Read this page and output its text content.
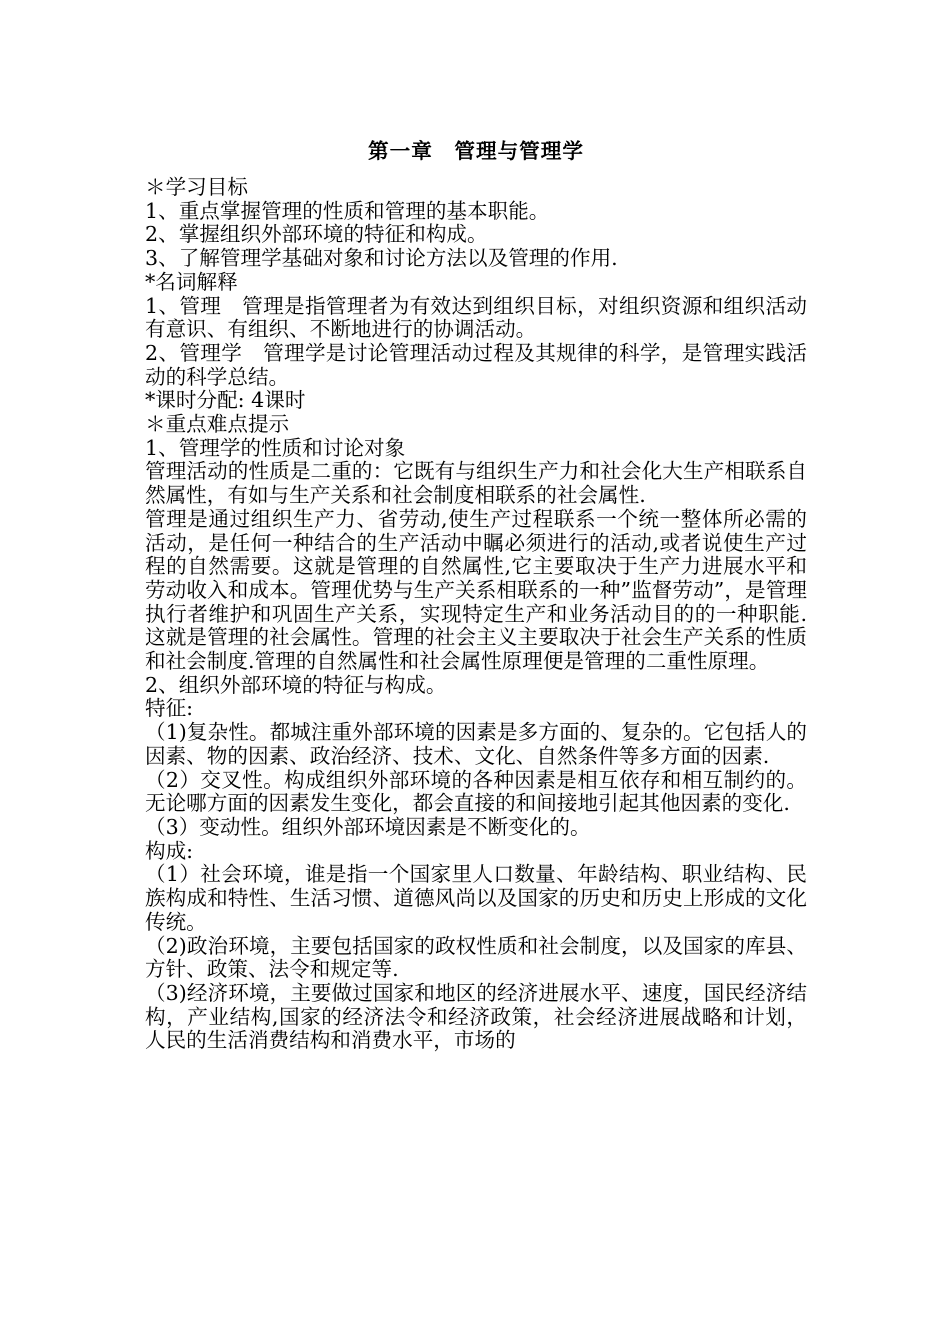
第一章　管理与管理学

＊学习目标

1、重点掌握管理的性质和管理的基本职能。

2、掌握组织外部环境的特征和构成。

3、了解管理学基础对象和讨论方法以及管理的作用.

*名词解释

1、管理　管理是指管理者为有效达到组织目标，对组织资源和组织活动有意识、有组织、不断地进行的协调活动。

2、管理学　管理学是讨论管理活动过程及其规律的科学，是管理实践活动的科学总结。

*课时分配: 4课时

＊重点难点提示

1、管理学的性质和讨论对象

管理活动的性质是二重的：它既有与组织生产力和社会化大生产相联系自然属性，有如与生产关系和社会制度相联系的社会属性.

管理是通过组织生产力、省劳动,使生产过程联系一个统一整体所必需的活动，是任何一种结合的生产活动中瞩必须进行的活动,或者说使生产过程的自然需要。这就是管理的自然属性,它主要取决于生产力进展水平和劳动收入和成本。管理优势与生产关系相联系的一种”监督劳动”，是管理执行者维护和巩固生产关系，实现特定生产和业务活动目的的一种职能.这就是管理的社会属性。管理的社会主义主要取决于社会生产关系的性质和社会制度.管理的自然属性和社会属性原理便是管理的二重性原理。

2、组织外部环境的特征与构成。

特征:

（1)复杂性。都城注重外部环境的因素是多方面的、复杂的。它包括人的因素、物的因素、政治经济、技术、文化、自然条件等多方面的因素.

（2）交叉性。构成组织外部环境的各种因素是相互依存和相互制约的。无论哪方面的因素发生变化，都会直接的和间接地引起其他因素的变化.

（3）变动性。组织外部环境因素是不断变化的。

构成:

（1）社会环境，谁是指一个国家里人口数量、年龄结构、职业结构、民族构成和特性、生活习惯、道德风尚以及国家的历史和历史上形成的文化传统。

（2)政治环境，主要包括国家的政权性质和社会制度，以及国家的库县、方针、政策、法令和规定等.

（3)经济环境，主要做过国家和地区的经济进展水平、速度，国民经济结构，产业结构,国家的经济法令和经济政策，社会经济进展战略和计划，人民的生活消费结构和消费水平，市场的
